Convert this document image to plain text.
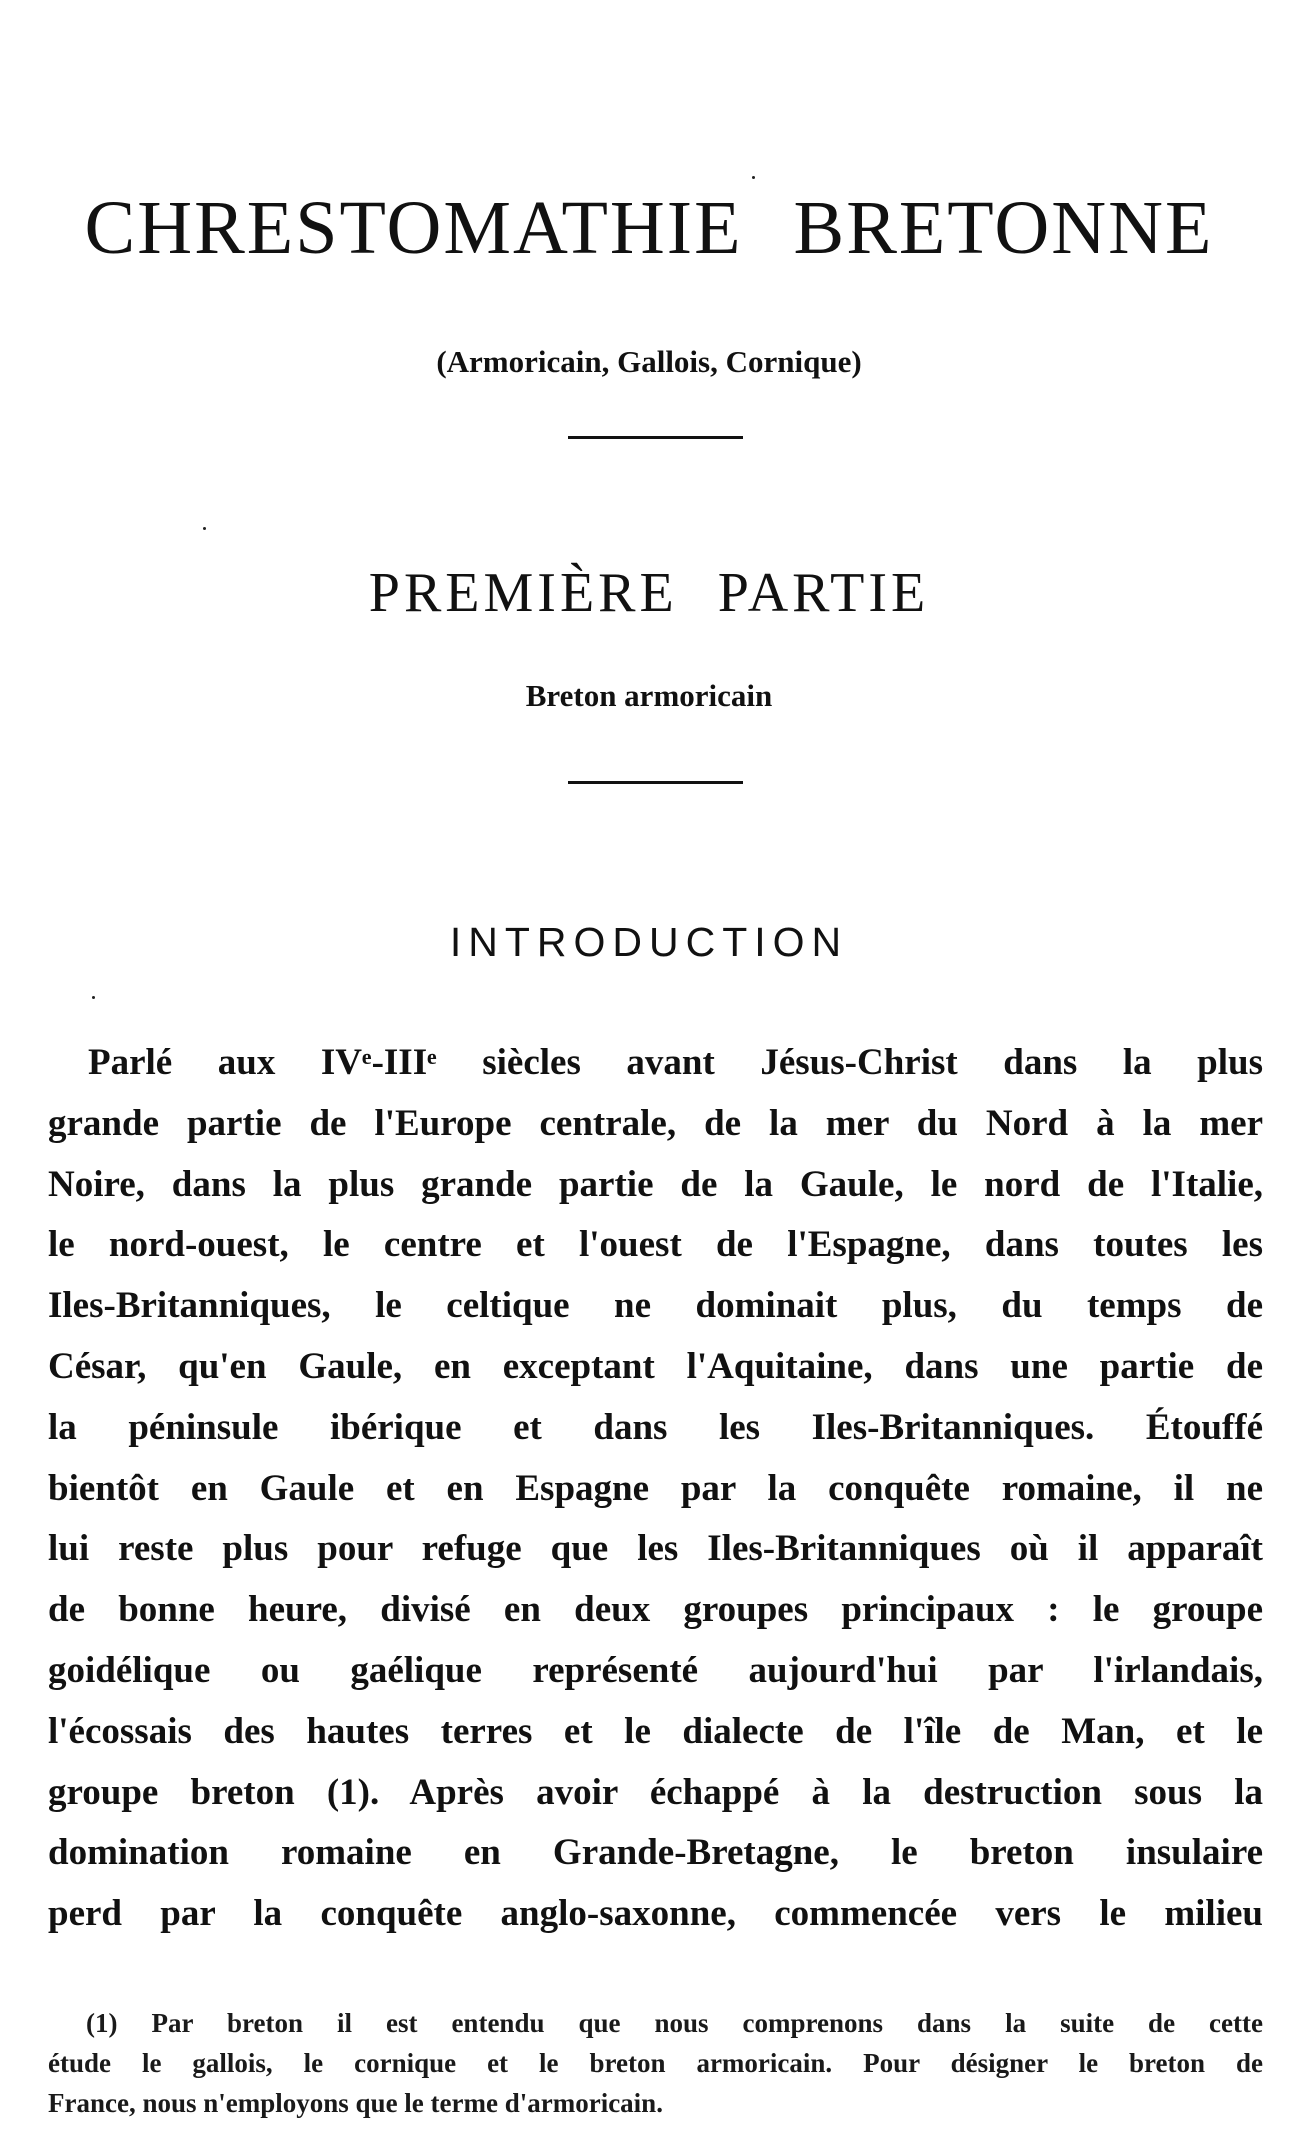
CHRESTOMATHIE BRETONNE
(Armoricain, Gallois, Cornique)
PREMIÈRE PARTIE
Breton armoricain
INTRODUCTION
Parlé aux IVᵉ-IIIᵉ siècles avant Jésus-Christ dans la plus
grande partie de l'Europe centrale, de la mer du Nord à la mer
Noire, dans la plus grande partie de la Gaule, le nord de l'Italie,
le nord-ouest, le centre et l'ouest de l'Espagne, dans toutes les
Iles-Britanniques, le celtique ne dominait plus, du temps de
César, qu'en Gaule, en exceptant l'Aquitaine, dans une partie de
la péninsule ibérique et dans les Iles-Britanniques. Étouffé
bientôt en Gaule et en Espagne par la conquête romaine, il ne
lui reste plus pour refuge que les Iles-Britanniques où il apparaît
de bonne heure, divisé en deux groupes principaux : le groupe
goidélique ou gaélique représenté aujourd'hui par l'irlandais,
l'écossais des hautes terres et le dialecte de l'île de Man, et le
groupe breton (1). Après avoir échappé à la destruction sous la
domination romaine en Grande-Bretagne, le breton insulaire
perd par la conquête anglo-saxonne, commencée vers le milieu
(1) Par breton il est entendu que nous comprenons dans la suite de cette
étude le gallois, le cornique et le breton armoricain. Pour désigner le breton de
France, nous n'employons que le terme d'armoricain.
